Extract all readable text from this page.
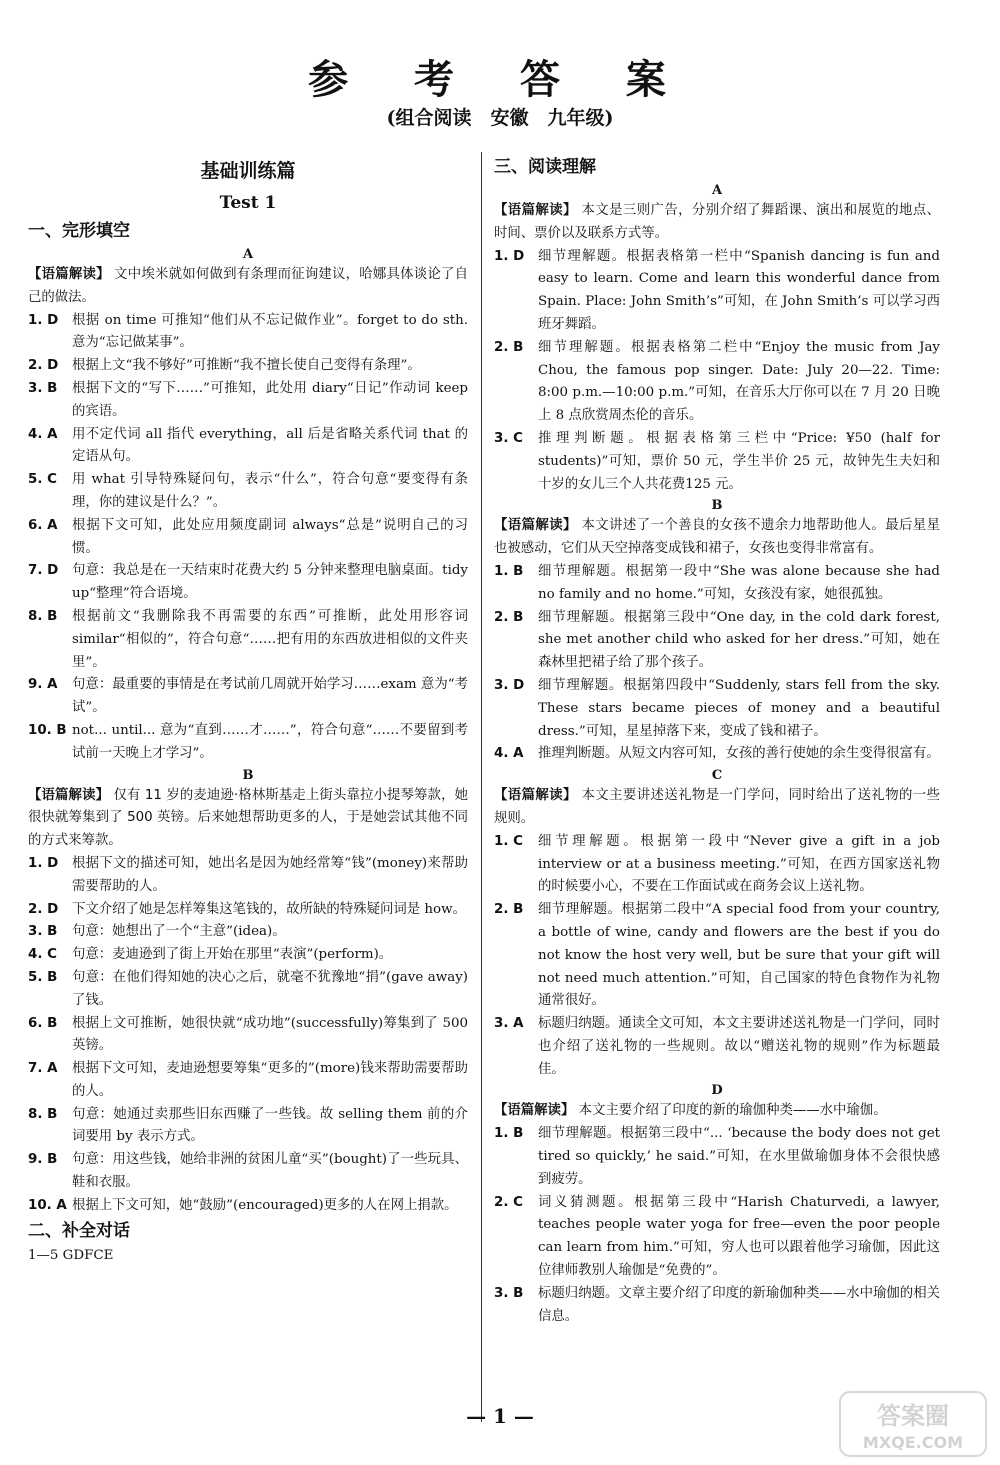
参 考 答 案
(组合阅读　安徽　九年级)
基础训练篇
Test 1
一、完形填空
A
【语篇解读】 文中埃米就如何做到有条理而征询建议，哈娜具体谈论了自己的做法。
1. D	根据 on time 可推知“他们从不忘记做作业”。forget to do sth. 意为“忘记做某事”。
2. D	根据上文“我不够好”可推断“我不擅长使自己变得有条理”。
3. B	根据下文的“写下……”可推知，此处用 diary“日记”作动词 keep 的宾语。
4. A	用不定代词 all 指代 everything，all 后是省略关系代词 that 的定语从句。
5. C	用 what 引导特殊疑问句，表示“什么”，符合句意“要变得有条理，你的建议是什么？”。
6. A	根据下文可知，此处应用频度副词 always“总是”说明自己的习惯。
7. D	句意：我总是在一天结束时花费大约 5 分钟来整理电脑桌面。tidy up“整理”符合语境。
8. B	根据前文“我删除我不再需要的东西”可推断，此处用形容词 similar“相似的”，符合句意“……把有用的东西放进相似的文件夹里”。
9. A	句意：最重要的事情是在考试前几周就开始学习……exam 意为“考试”。
10. B not... until... 意为“直到……才……”，符合句意“……不要留到考试前一天晚上才学习”。
B
【语篇解读】 仅有 11 岁的麦迪逊·格林斯基走上街头靠拉小提琴筹款，她很快就筹集到了 500 英镑。后来她想帮助更多的人，于是她尝试其他不同的方式来筹款。
1. D	根据下文的描述可知，她出名是因为她经常筹“钱”(money)来帮助需要帮助的人。
2. D	下文介绍了她是怎样筹集这笔钱的，故所缺的特殊疑问词是 how。
3. B	句意：她想出了一个“主意”(idea)。
4. C	句意：麦迪逊到了街上开始在那里“表演”(perform)。
5. B	句意：在他们得知她的决心之后，就毫不犹豫地“捐”(gave away)了钱。
6. B	根据上文可推断，她很快就“成功地”(successfully)筹集到了 500 英镑。
7. A	根据下文可知，麦迪逊想要筹集“更多的”(more)钱来帮助需要帮助的人。
8. B	句意：她通过卖那些旧东西赚了一些钱。故 selling them 前的介词要用 by 表示方式。
9. B	句意：用这些钱，她给非洲的贫困儿童“买”(bought)了一些玩具、鞋和衣服。
10. A 根据上下文可知，她“鼓励”(encouraged)更多的人在网上捐款。
二、补全对话
1—5 GDFCE
三、阅读理解
A
【语篇解读】 本文是三则广告，分别介绍了舞蹈课、演出和展览的地点、时间、票价以及联系方式等。
1. D	细节理解题。根据表格第一栏中“Spanish dancing is fun and easy to learn. Come and learn this wonderful dance from Spain. Place: John Smith’s”可知，在 John Smith’s 可以学习西班牙舞蹈。
2. B	细节理解题。根据表格第二栏中“Enjoy the music from Jay Chou, the famous pop singer. Date: July 20—22. Time: 8:00 p.m.—10:00 p.m.”可知，在音乐大厅你可以在 7 月 20 日晚上 8 点欣赏周杰伦的音乐。
3. C	推理判断题。根据表格第三栏中“Price: ¥50 (half for students)”可知，票价 50 元，学生半价 25 元，故钟先生夫妇和十岁的女儿三个人共花费125 元。
B
【语篇解读】 本文讲述了一个善良的女孩不遗余力地帮助他人。最后星星也被感动，它们从天空掉落变成钱和裙子，女孩也变得非常富有。
1. B	细节理解题。根据第一段中“She was alone because she had no family and no home.”可知，女孩没有家，她很孤独。
2. B	细节理解题。根据第三段中“One day, in the cold dark forest, she met another child who asked for her dress.”可知，她在森林里把裙子给了那个孩子。
3. D	细节理解题。根据第四段中“Suddenly, stars fell from the sky. These stars became pieces of money and a beautiful dress.”可知，星星掉落下来，变成了钱和裙子。
4. A	推理判断题。从短文内容可知，女孩的善行使她的余生变得很富有。
C
【语篇解读】 本文主要讲述送礼物是一门学问，同时给出了送礼物的一些规则。
1. C	细节理解题。根据第一段中“Never give a gift in a job interview or at a business meeting.”可知，在西方国家送礼物的时候要小心，不要在工作面试或在商务会议上送礼物。
2. B	细节理解题。根据第二段中“A special food from your country, a bottle of wine, candy and flowers are the best if you do not know the host very well, but be sure that your gift will not need much attention.”可知，自己国家的特色食物作为礼物通常很好。
3. A	标题归纳题。通读全文可知，本文主要讲述送礼物是一门学问，同时也介绍了送礼物的一些规则。故以“赠送礼物的规则”作为标题最佳。
D
【语篇解读】 本文主要介绍了印度的新的瑜伽种类——水中瑜伽。
1. B	细节理解题。根据第三段中“... ‘because the body does not get tired so quickly,’ he said.”可知，在水里做瑜伽身体不会很快感到疲劳。
2. C	词义猜测题。根据第三段中“Harish Chaturvedi, a lawyer, teaches people water yoga for free—even the poor people can learn from him.”可知，穷人也可以跟着他学习瑜伽，因此这位律师教别人瑜伽是“免费的”。
3. B	标题归纳题。文章主要介绍了印度的新瑜伽种类——水中瑜伽的相关信息。
— 1 —	答案圈
MXQE.COM
